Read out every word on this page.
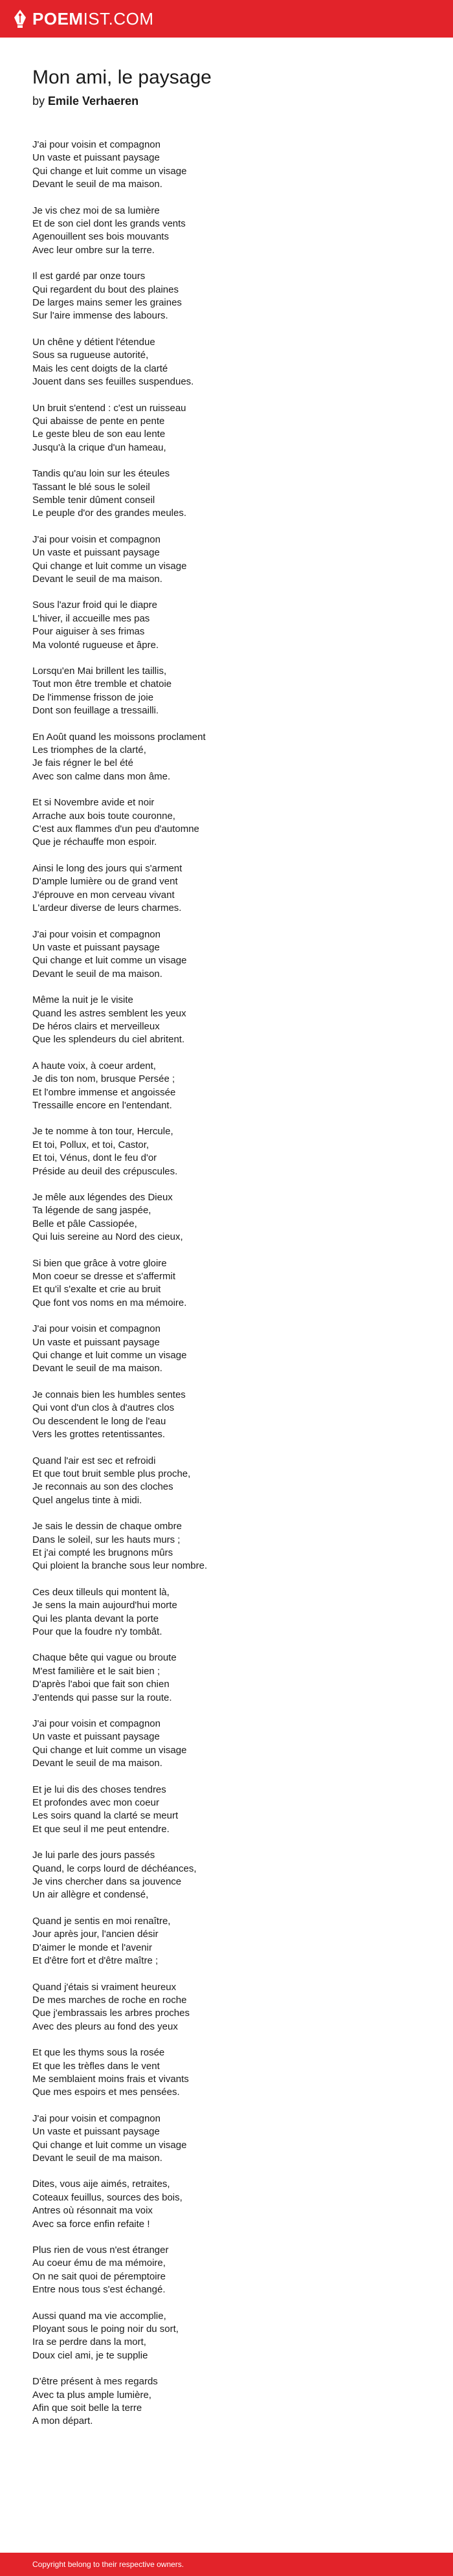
POEMIST.COM
Mon ami, le paysage
by Emile Verhaeren
J'ai pour voisin et compagnon
Un vaste et puissant paysage
Qui change et luit comme un visage
Devant le seuil de ma maison.
Je vis chez moi de sa lumière
Et de son ciel dont les grands vents
Agenouillent ses bois mouvants
Avec leur ombre sur la terre.
Il est gardé par onze tours
Qui regardent du bout des plaines
De larges mains semer les graines
Sur l'aire immense des labours.
Un chêne y détient l'étendue
Sous sa rugueuse autorité,
Mais les cent doigts de la clarté
Jouent dans ses feuilles suspendues.
Un bruit s'entend : c'est un ruisseau
Qui abaisse de pente en pente
Le geste bleu de son eau lente
Jusqu'à la crique d'un hameau,
Tandis qu'au loin sur les éteules
Tassant le blé sous le soleil
Semble tenir dûment conseil
Le peuple d'or des grandes meules.
J'ai pour voisin et compagnon
Un vaste et puissant paysage
Qui change et luit comme un visage
Devant le seuil de ma maison.
Sous l'azur froid qui le diapre
L'hiver, il accueille mes pas
Pour aiguiser à ses frimas
Ma volonté rugueuse et âpre.
Lorsqu'en Mai brillent les taillis,
Tout mon être tremble et chatoie
De l'immense frisson de joie
Dont son feuillage a tressailli.
En Août quand les moissons proclament
Les triomphes de la clarté,
Je fais régner le bel été
Avec son calme dans mon âme.
Et si Novembre avide et noir
Arrache aux bois toute couronne,
C'est aux flammes d'un peu d'automne
Que je réchauffe mon espoir.
Ainsi le long des jours qui s'arment
D'ample lumière ou de grand vent
J'éprouve en mon cerveau vivant
L'ardeur diverse de leurs charmes.
J'ai pour voisin et compagnon
Un vaste et puissant paysage
Qui change et luit comme un visage
Devant le seuil de ma maison.
Même la nuit je le visite
Quand les astres semblent les yeux
De héros clairs et merveilleux
Que les splendeurs du ciel abritent.
A haute voix, à coeur ardent,
Je dis ton nom, brusque Persée ;
Et l'ombre immense et angoissée
Tressaille encore en l'entendant.
Je te nomme à ton tour, Hercule,
Et toi, Pollux, et toi, Castor,
Et toi, Vénus, dont le feu d'or
Préside au deuil des crépuscules.
Je mêle aux légendes des Dieux
Ta légende de sang jaspée,
Belle et pâle Cassiopée,
Qui luis sereine au Nord des cieux,
Si bien que grâce à votre gloire
Mon coeur se dresse et s'affermit
Et qu'il s'exalte et crie au bruit
Que font vos noms en ma mémoire.
J'ai pour voisin et compagnon
Un vaste et puissant paysage
Qui change et luit comme un visage
Devant le seuil de ma maison.
Je connais bien les humbles sentes
Qui vont d'un clos à d'autres clos
Ou descendent le long de l'eau
Vers les grottes retentissantes.
Quand l'air est sec et refroidi
Et que tout bruit semble plus proche,
Je reconnais au son des cloches
Quel angelus tinte à midi.
Je sais le dessin de chaque ombre
Dans le soleil, sur les hauts murs ;
Et j'ai compté les brugnons mûrs
Qui ploient la branche sous leur nombre.
Ces deux tilleuls qui montent là,
Je sens la main aujourd'hui morte
Qui les planta devant la porte
Pour que la foudre n'y tombât.
Chaque bête qui vague ou broute
M'est familière et le sait bien ;
D'après l'aboi que fait son chien
J'entends qui passe sur la route.
J'ai pour voisin et compagnon
Un vaste et puissant paysage
Qui change et luit comme un visage
Devant le seuil de ma maison.
Et je lui dis des choses tendres
Et profondes avec mon coeur
Les soirs quand la clarté se meurt
Et que seul il me peut entendre.
Je lui parle des jours passés
Quand, le corps lourd de déchéances,
Je vins chercher dans sa jouvence
Un air allègre et condensé,
Quand je sentis en moi renaître,
Jour après jour, l'ancien désir
D'aimer le monde et l'avenir
Et d'être fort et d'être maître ;
Quand j'étais si vraiment heureux
De mes marches de roche en roche
Que j'embrassais les arbres proches
Avec des pleurs au fond des yeux
Et que les thyms sous la rosée
Et que les trèfles dans le vent
Me semblaient moins frais et vivants
Que mes espoirs et mes pensées.
J'ai pour voisin et compagnon
Un vaste et puissant paysage
Qui change et luit comme un visage
Devant le seuil de ma maison.
Dites, vous aije aimés, retraites,
Coteaux feuillus, sources des bois,
Antres où résonnait ma voix
Avec sa force enfin refaite !
Plus rien de vous n'est étranger
Au coeur ému de ma mémoire,
On ne sait quoi de péremptoire
Entre nous tous s'est échangé.
Aussi quand ma vie accomplie,
Ployant sous le poing noir du sort,
Ira se perdre dans la mort,
Doux ciel ami, je te supplie
D'être présent à mes regards
Avec ta plus ample lumière,
Afin que soit belle la terre
A mon départ.
Copyright belong to their respective owners.
